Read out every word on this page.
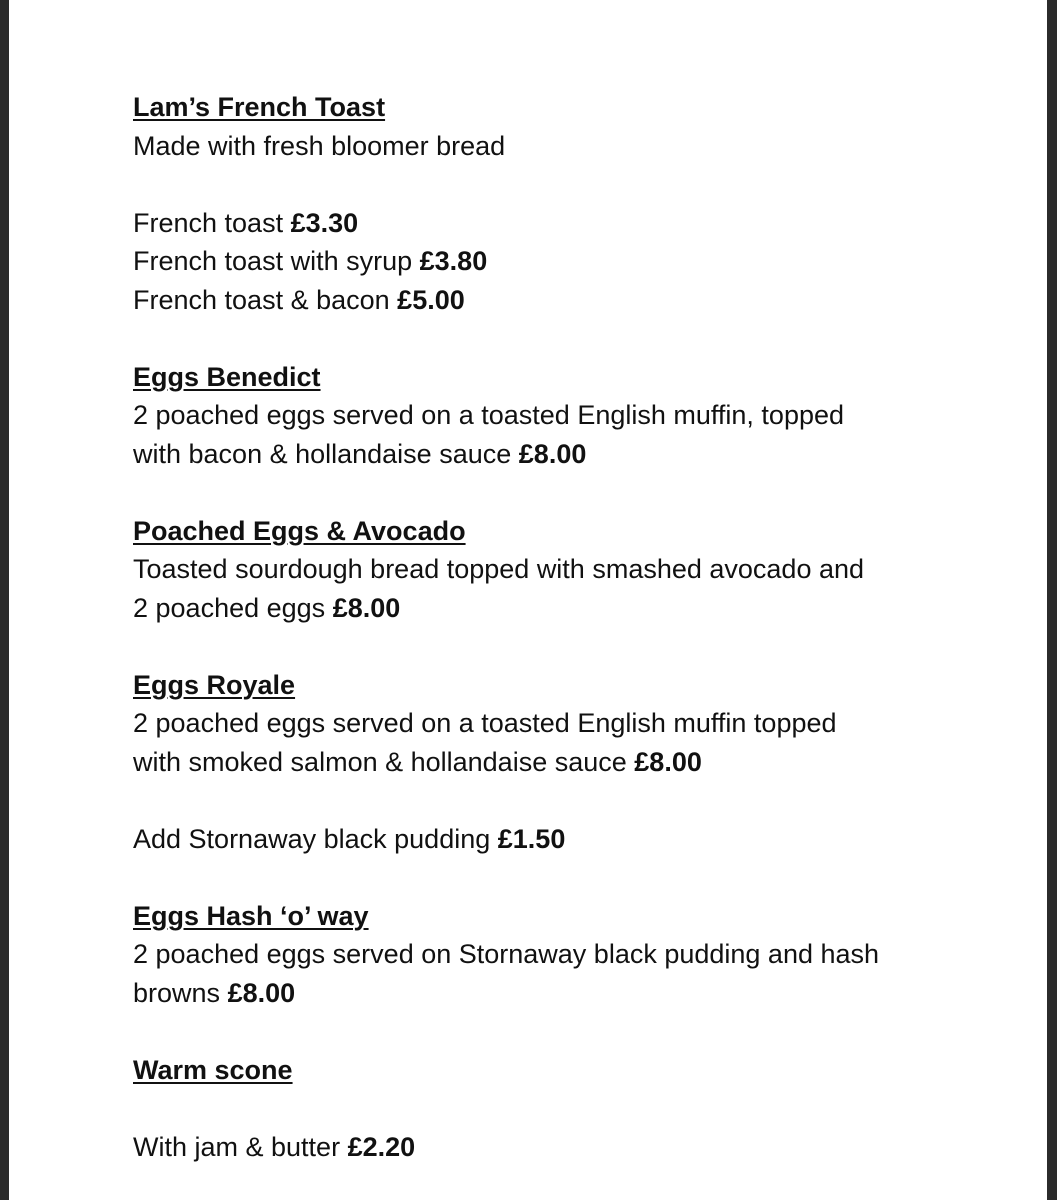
Lam’s French Toast

Made with fresh bloomer bread

French toast £3.30

French toast with syrup £3.80

French toast & bacon £5.00

Eggs Benedict

2 poached eggs served on a toasted English muffin, topped

with bacon & hollandaise sauce £8.00

Poached Eggs & Avocado

Toasted sourdough bread topped with smashed avocado and

2 poached eggs £8.00

Eggs Royale

2 poached eggs served on a toasted English muffin topped

with smoked salmon & hollandaise sauce £8.00

Add Stornaway black pudding £1.50

Eggs Hash ‘o’ way

2 poached eggs served on Stornaway black pudding and hash

browns £8.00

Warm scone

With jam & butter £2.20
